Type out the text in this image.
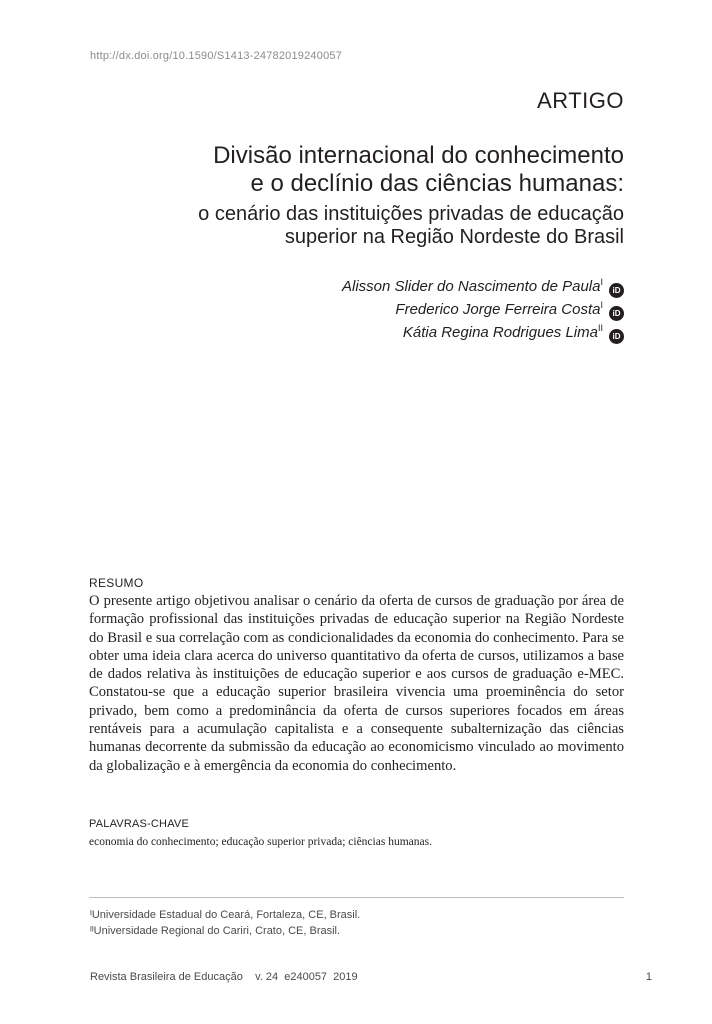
http://dx.doi.org/10.1590/S1413-24782019240057
ARTIGO
Divisão internacional do conhecimento
e o declínio das ciências humanas:
o cenário das instituições privadas de educação
superior na Região Nordeste do Brasil
Alisson Slider do Nascimento de Paula$^I$iD
Frederico Jorge Ferreira Costa$^I$iD
Kátia Regina Rodrigues Lima$^{II}$iD
RESUMO

O presente artigo objetivou analisar o cenário da oferta de cursos de graduação por área de formação profissional das instituições privadas de educação superior na Região Nordeste do Brasil e sua correlação com as condicionalidades da economia do conhecimento. Para se obter uma ideia clara acerca do universo quantitativo da oferta de cursos, utilizamos a base de dados relativa às instituições de educação superior e aos cursos de graduação e-MEC. Constatou-se que a educação superior brasileira vivencia uma proeminência do setor privado, bem como a predominância da oferta de cursos superiores focados em áreas rentáveis para a acumulação capitalista e a consequente subalternização das ciências humanas decorrente da submissão da educação ao economicismo vinculado ao movimento da globalização e à emergência da economia do conhecimento.

PALAVRAS-CHAVE
economia do conhecimento; educação superior privada; ciências humanas.
ᴵUniversidade Estadual do Ceará, Fortaleza, CE, Brasil.
ᴵᴵUniversidade Regional do Cariri, Crato, CE, Brasil.
Revista Brasileira de Educação    v. 24  e240057  2019	1
